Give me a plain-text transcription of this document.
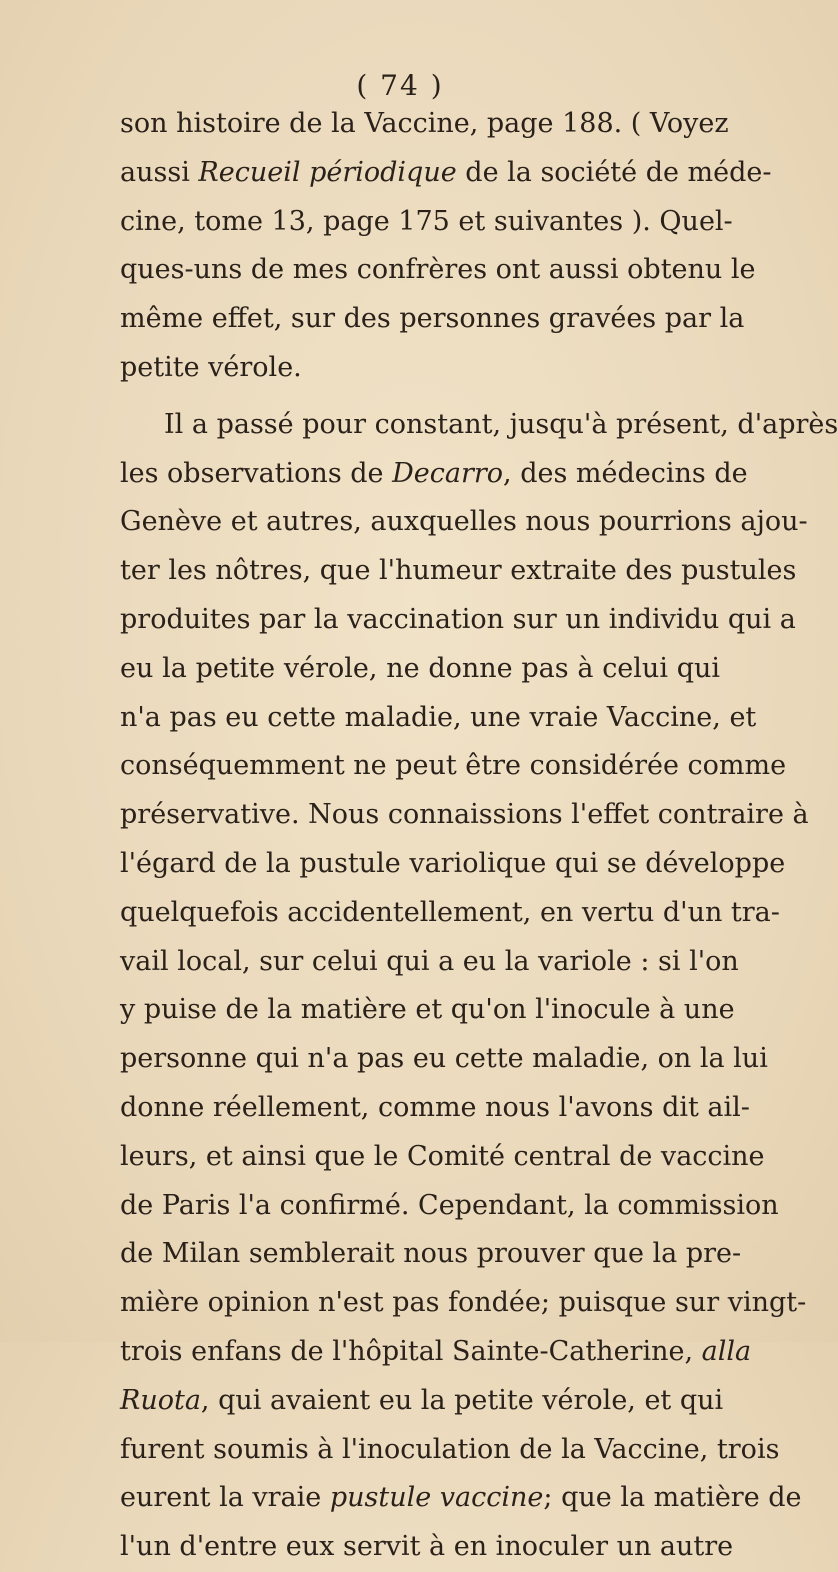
( 74 )
son histoire de la Vaccine, page 188. ( Voyez
aussi Recueil périodique de la société de méde-
cine, tome 13, page 175 et suivantes ). Quel-
ques-uns de mes confrères ont aussi obtenu le
même effet, sur des personnes gravées par la
petite vérole.
Il a passé pour constant, jusqu'à présent, d'après
les observations de Decarro, des médecins de
Genève et autres, auxquelles nous pourrions ajou-
ter les nôtres, que l'humeur extraite des pustules
produites par la vaccination sur un individu qui a
eu la petite vérole, ne donne pas à celui qui
n'a pas eu cette maladie, une vraie Vaccine, et
conséquemment ne peut être considérée comme
préservative. Nous connaissions l'effet contraire à
l'égard de la pustule variolique qui se développe
quelquefois accidentellement, en vertu d'un tra-
vail local, sur celui qui a eu la variole : si l'on
y puise de la matière et qu'on l'inocule à une
personne qui n'a pas eu cette maladie, on la lui
donne réellement, comme nous l'avons dit ail-
leurs, et ainsi que le Comité central de vaccine
de Paris l'a confirmé. Cependant, la commission
de Milan semblerait nous prouver que la pre-
mière opinion n'est pas fondée; puisque sur vingt-
trois enfans de l'hôpital Sainte-Catherine, alla
Ruota, qui avaient eu la petite vérole, et qui
furent soumis à l'inoculation de la Vaccine, trois
eurent la vraie pustule vaccine; que la matière de
l'un d'entre eux servit à en inoculer un autre
